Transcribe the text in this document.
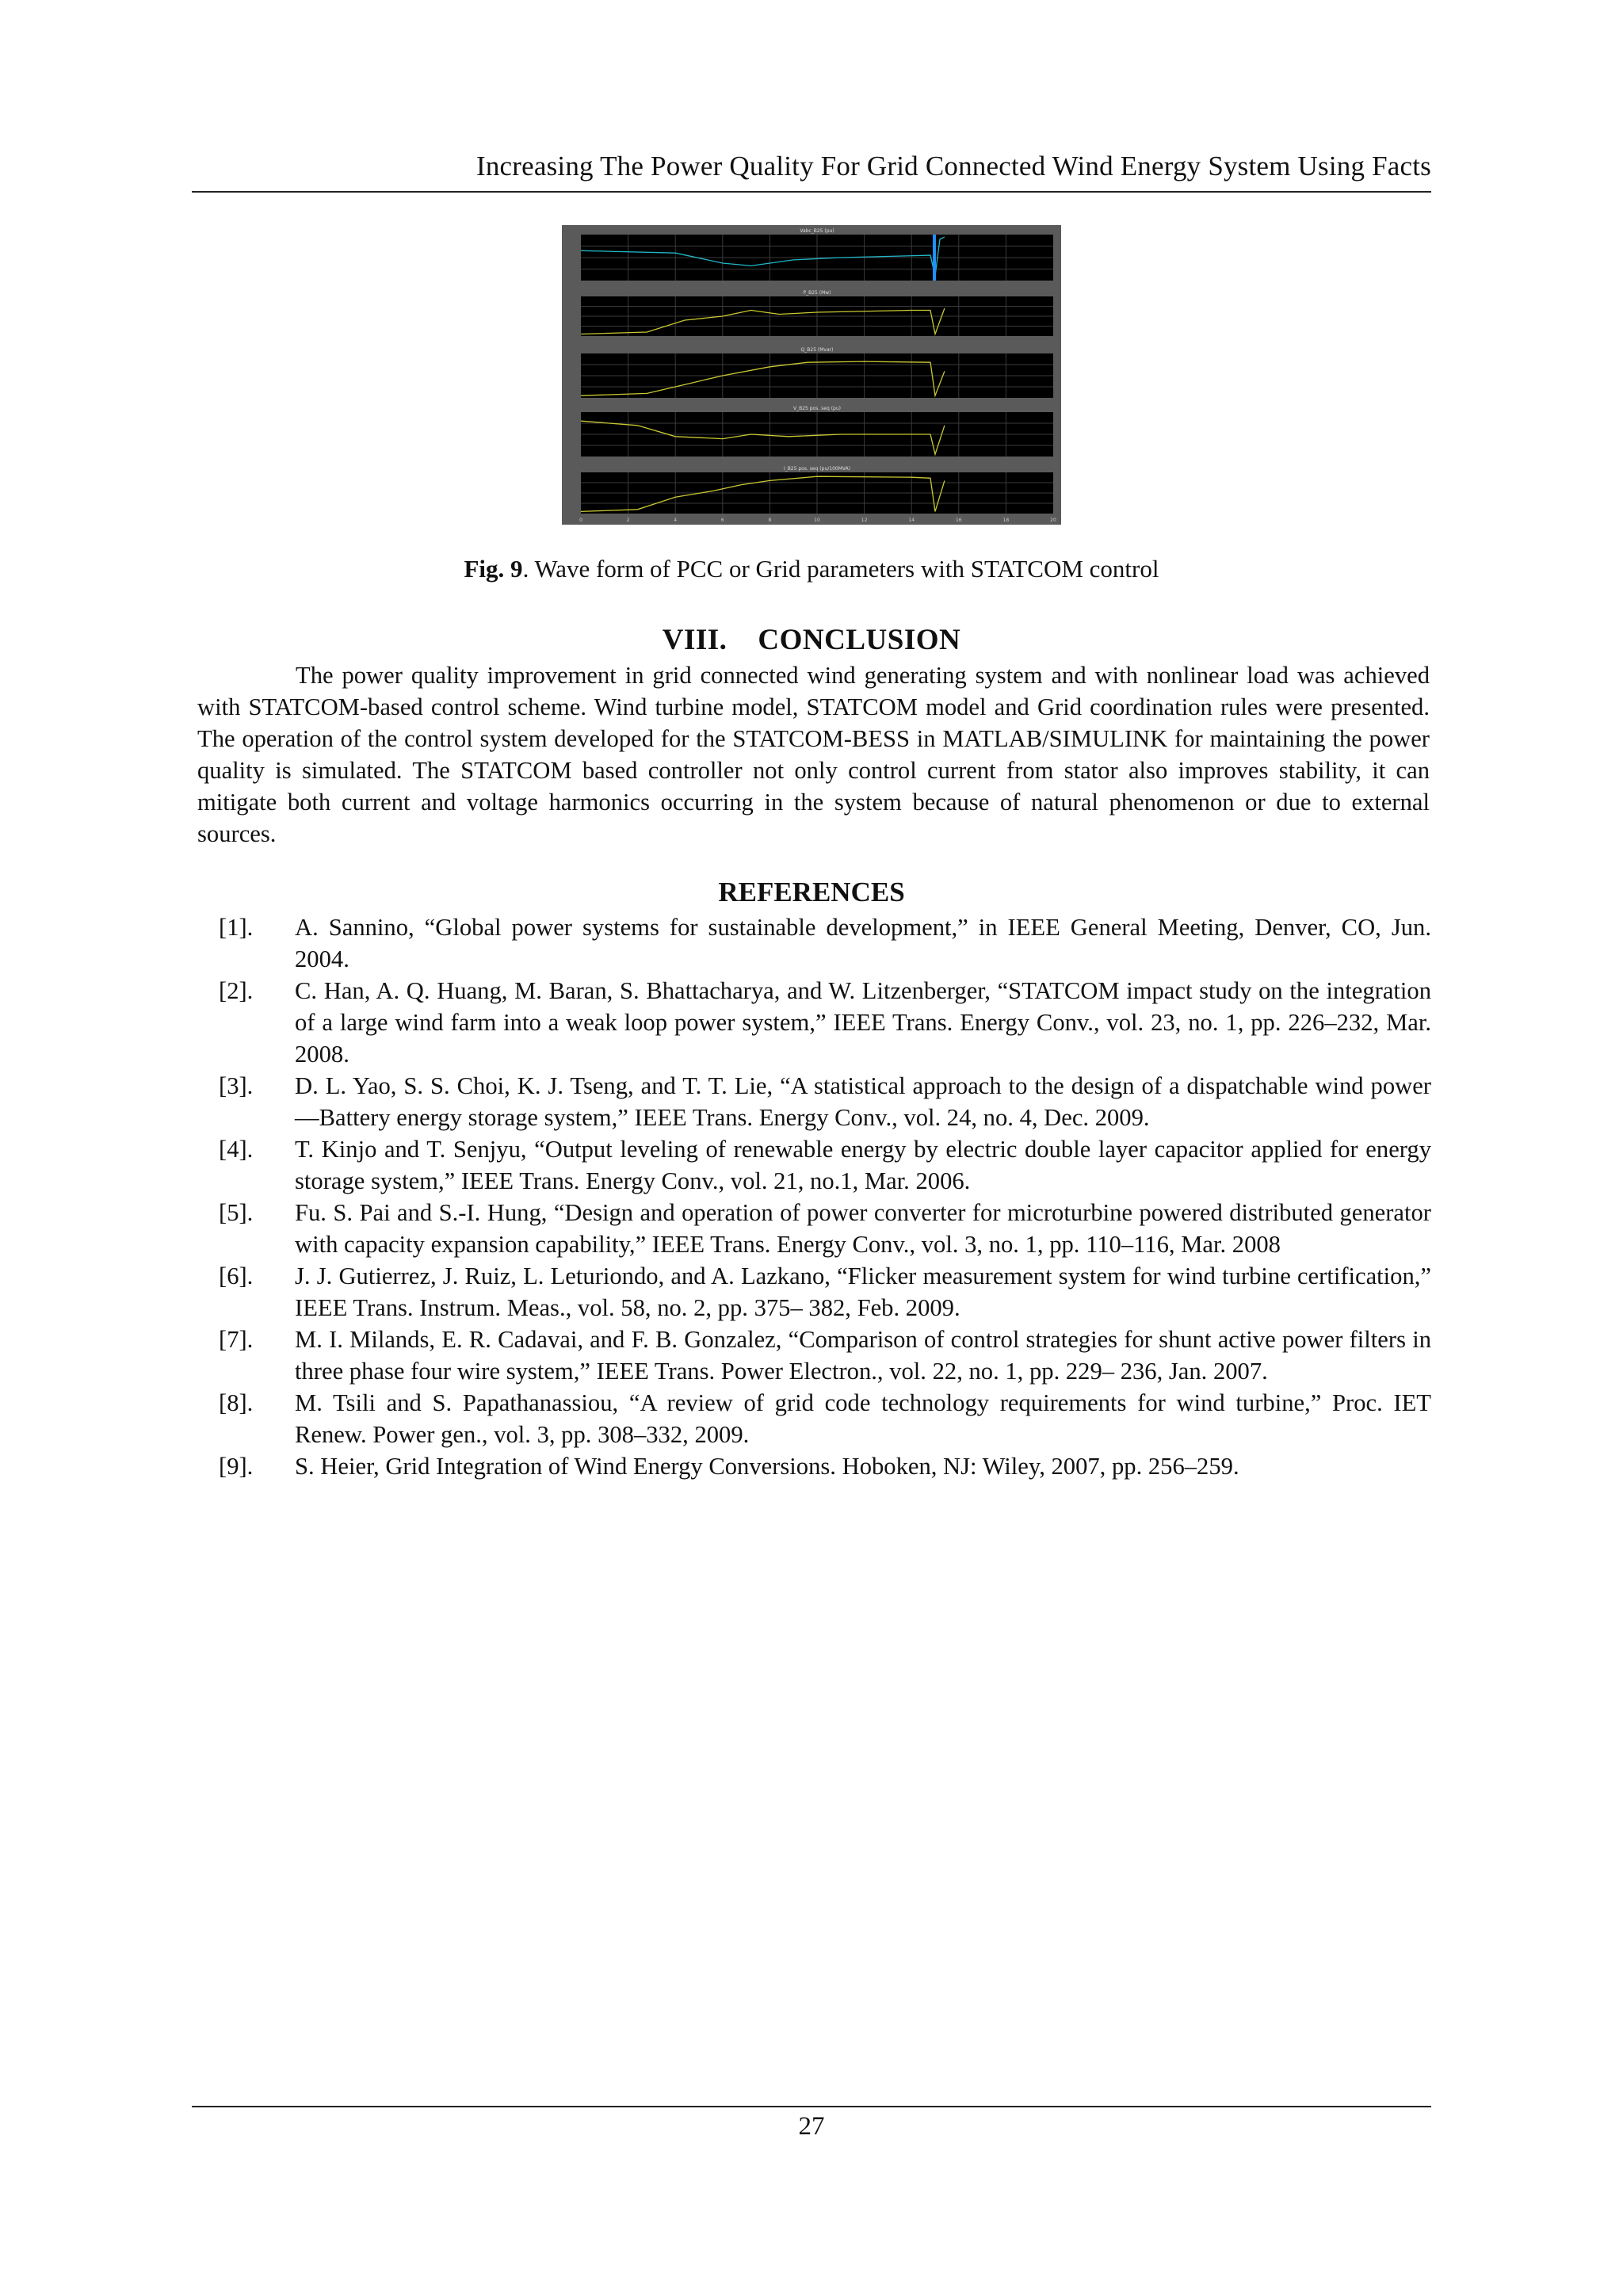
Increasing The Power Quality For Grid Connected Wind Energy System Using Facts
Vabc_B25 (pu)
P_B25 (Mw)
Q_B25 (Mvar)
V_B25 pos. seq (pu)
I_B25 pos. seq (pu/100MVA)
0	2	4	6	8	10	12	14	16	18	20
Fig. 9. Wave form of PCC or Grid parameters with STATCOM control
VIII.    CONCLUSION
The power quality improvement in grid connected wind generating system and with nonlinear load was achieved with STATCOM-based control scheme. Wind turbine model, STATCOM model and Grid coordination rules were presented. The operation of the control system developed for the STATCOM-BESS in MATLAB/SIMULINK for maintaining the power quality is simulated. The STATCOM based controller not only control current from stator also improves stability, it can mitigate both current and voltage harmonics occurring in the system because of natural phenomenon or due to external sources.
REFERENCES
[1].	A. Sannino, “Global power systems for sustainable development,” in IEEE General Meeting, Denver, CO, Jun. 2004.
[2].	C. Han, A. Q. Huang, M. Baran, S. Bhattacharya, and W. Litzenberger, “STATCOM impact study on the integration of a large wind farm into a weak loop power system,” IEEE Trans. Energy Conv., vol. 23, no. 1, pp. 226–232, Mar. 2008.
[3].	D. L. Yao, S. S. Choi, K. J. Tseng, and T. T. Lie, “A statistical approach to the design of a dispatchable wind power—Battery energy storage system,” IEEE Trans. Energy Conv., vol. 24, no. 4, Dec. 2009.
[4].	T. Kinjo and T. Senjyu, “Output leveling of renewable energy by electric double layer capacitor applied for energy storage system,” IEEE Trans. Energy Conv., vol. 21, no.1, Mar. 2006.
[5].	Fu. S. Pai and S.-I. Hung, “Design and operation of power converter for microturbine powered distributed generator with capacity expansion capability,” IEEE Trans. Energy Conv., vol. 3, no. 1, pp. 110–116, Mar. 2008
[6].	J. J. Gutierrez, J. Ruiz, L. Leturiondo, and A. Lazkano, “Flicker measurement system for wind turbine certification,” IEEE Trans. Instrum. Meas., vol. 58, no. 2, pp. 375– 382, Feb. 2009.
[7].	M. I. Milands, E. R. Cadavai, and F. B. Gonzalez, “Comparison of control strategies for shunt active power filters in three phase four wire system,” IEEE Trans. Power Electron., vol. 22, no. 1, pp. 229– 236, Jan. 2007.
[8].	M. Tsili and S. Papathanassiou, “A review of grid code technology requirements for wind turbine,” Proc. IET Renew. Power gen., vol. 3, pp. 308–332, 2009.
[9].	S. Heier, Grid Integration of Wind Energy Conversions. Hoboken, NJ: Wiley, 2007, pp. 256–259.
27
